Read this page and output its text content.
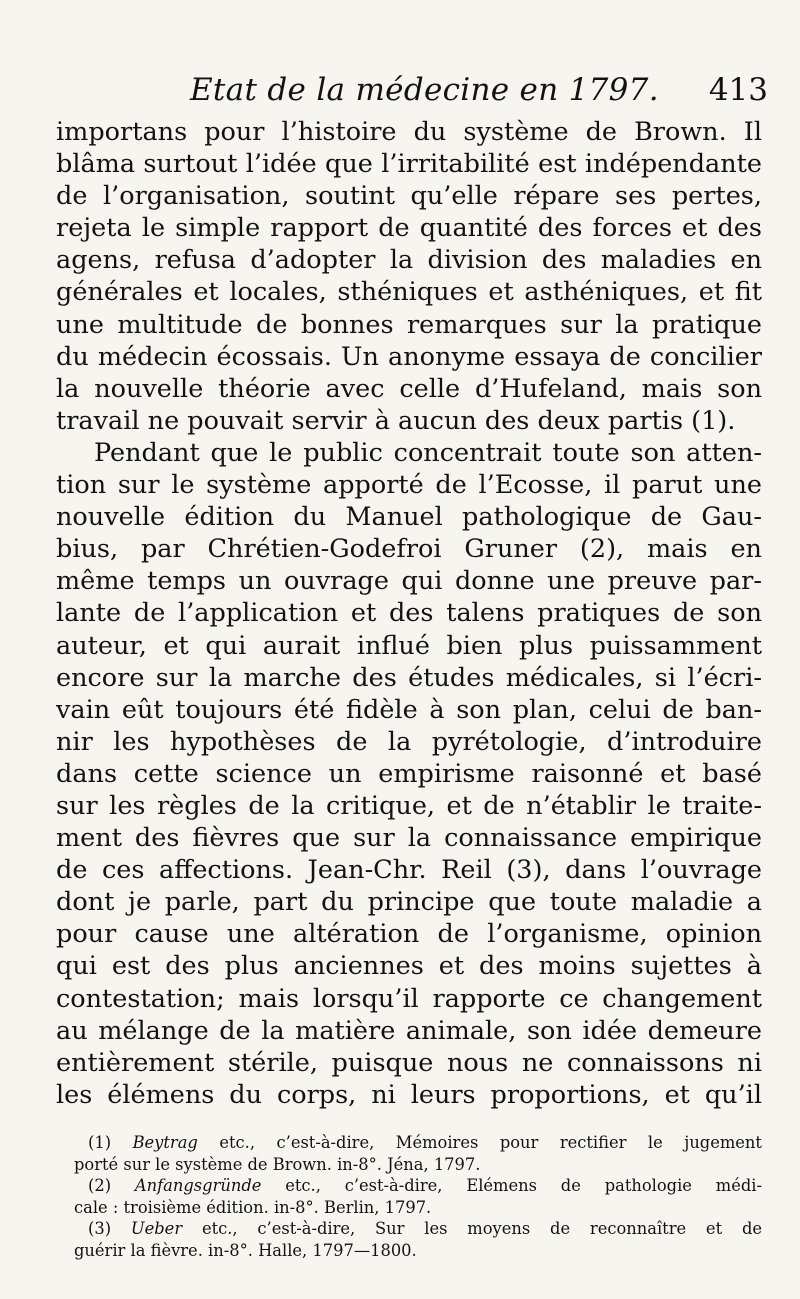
Etat de la médecine en 1797. 413
importans pour l’histoire du système de Brown. Il
blâma surtout l’idée que l’irritabilité est indépendante
de l’organisation, soutint qu’elle répare ses pertes,
rejeta le simple rapport de quantité des forces et des
agens, refusa d’adopter la division des maladies en
générales et locales, sthéniques et asthéniques, et fit
une multitude de bonnes remarques sur la pratique
du médecin écossais. Un anonyme essaya de concilier
la nouvelle théorie avec celle d’Hufeland, mais son
travail ne pouvait servir à aucun des deux partis (1).
Pendant que le public concentrait toute son atten-
tion sur le système apporté de l’Ecosse, il parut une
nouvelle édition du Manuel pathologique de Gau-
bius, par Chrétien-Godefroi Gruner (2), mais en
même temps un ouvrage qui donne une preuve par-
lante de l’application et des talens pratiques de son
auteur, et qui aurait influé bien plus puissamment
encore sur la marche des études médicales, si l’écri-
vain eût toujours été fidèle à son plan, celui de ban-
nir les hypothèses de la pyrétologie, d’introduire
dans cette science un empirisme raisonné et basé
sur les règles de la critique, et de n’établir le traite-
ment des fièvres que sur la connaissance empirique
de ces affections. Jean-Chr. Reil (3), dans l’ouvrage
dont je parle, part du principe que toute maladie a
pour cause une altération de l’organisme, opinion
qui est des plus anciennes et des moins sujettes à
contestation; mais lorsqu’il rapporte ce changement
au mélange de la matière animale, son idée demeure
entièrement stérile, puisque nous ne connaissons ni
les élémens du corps, ni leurs proportions, et qu’il
(1) Beytrag etc., c’est-à-dire, Mémoires pour rectifier le jugement
porté sur le système de Brown. in-8°. Jéna, 1797.
(2) Anfangsgründe etc., c’est-à-dire, Elémens de pathologie médi-
cale : troisième édition. in-8°. Berlin, 1797.
(3) Ueber etc., c’est-à-dire, Sur les moyens de reconnaître et de
guérir la fièvre. in-8°. Halle, 1797—1800.
